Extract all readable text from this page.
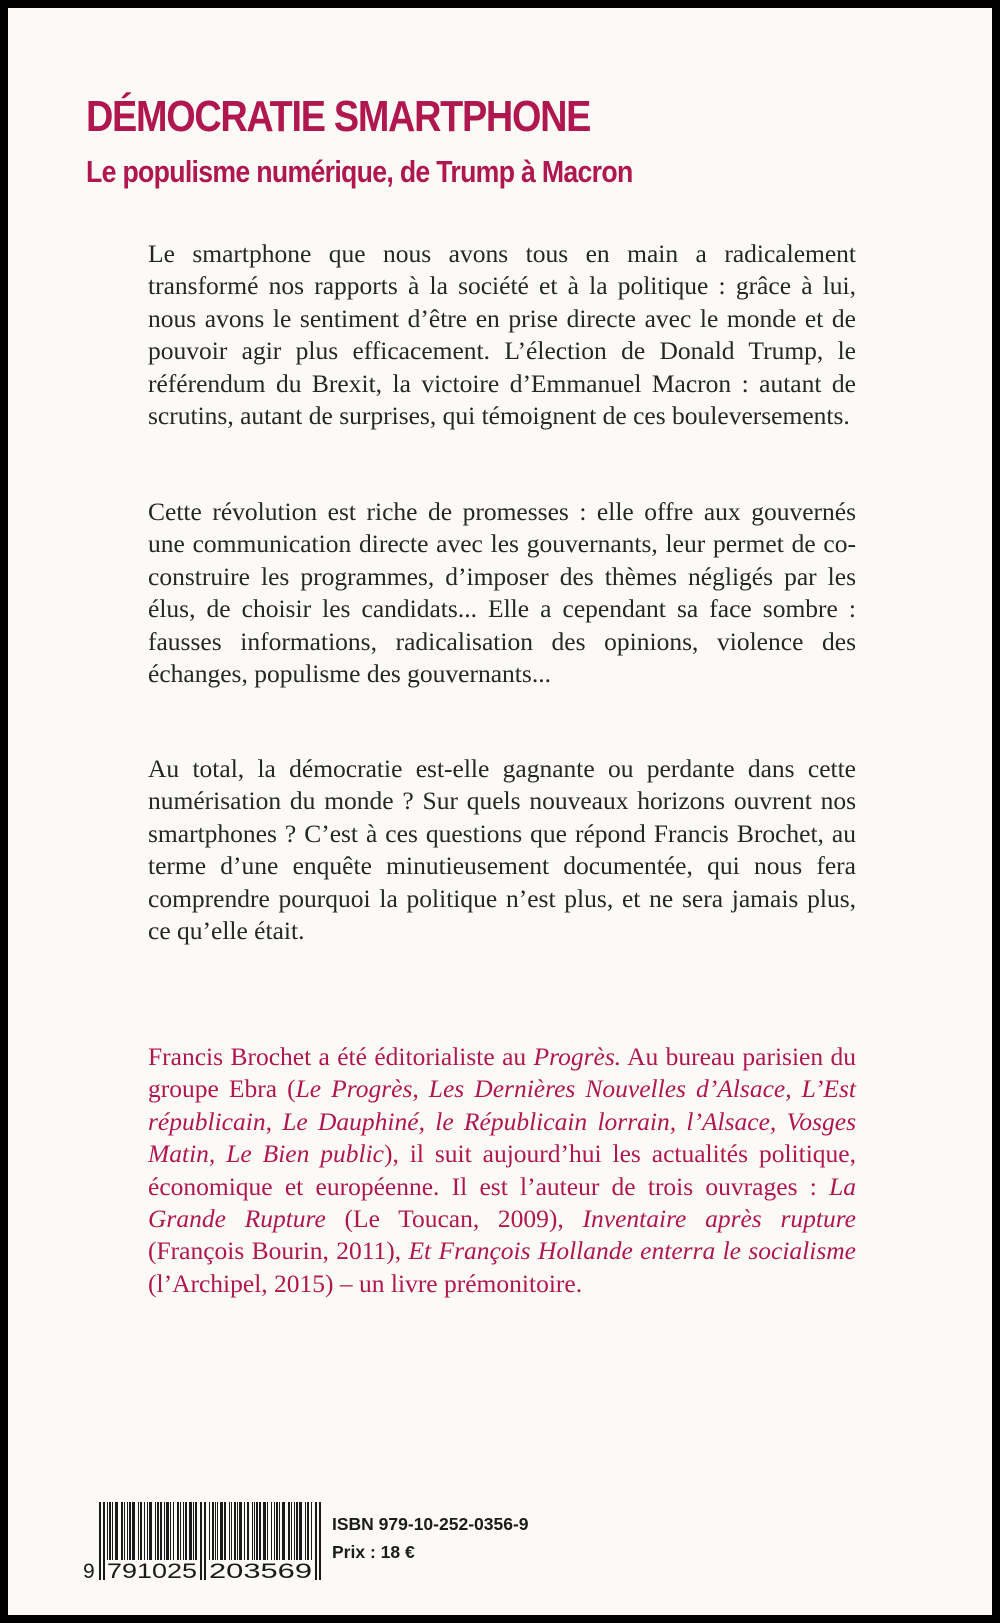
DÉMOCRATIE SMARTPHONE
Le populisme numérique, de Trump à Macron

Le smartphone que nous avons tous en main a radicalement transformé nos rapports à la société et à la politique : grâce à lui, nous avons le sentiment d’être en prise directe avec le monde et de pouvoir agir plus efficacement. L’élection de Donald Trump, le référendum du Brexit, la victoire d’Emmanuel Macron : autant de scrutins, autant de surprises, qui témoignent de ces bouleversements.

Cette révolution est riche de promesses : elle offre aux gouvernés une communication directe avec les gouvernants, leur permet de co-construire les programmes, d’imposer des thèmes négligés par les élus, de choisir les candidats... Elle a cependant sa face sombre : fausses informations, radicalisation des opinions, violence des échanges, populisme des gouvernants...

Au total, la démocratie est-elle gagnante ou perdante dans cette numérisation du monde ? Sur quels nouveaux horizons ouvrent nos smartphones ? C’est à ces questions que répond Francis Brochet, au terme d’une enquête minutieusement documentée, qui nous fera comprendre pourquoi la politique n’est plus, et ne sera jamais plus, ce qu’elle était.

Francis Brochet a été éditorialiste au Progrès. Au bureau parisien du groupe Ebra (Le Progrès, Les Dernières Nouvelles d’Alsace, L’Est républicain, Le Dauphiné, le Républicain lorrain, l’Alsace, Vosges Matin, Le Bien public), il suit aujourd’hui les actualités politique, économique et européenne. Il est l’auteur de trois ouvrages : La Grande Rupture (Le Toucan, 2009), Inventaire après rupture (François Bourin, 2011), Et François Hollande enterra le socialisme (l’Archipel, 2015) – un livre prémonitoire.

9 791025 203569
ISBN 979-10-252-0356-9
Prix : 18 €
